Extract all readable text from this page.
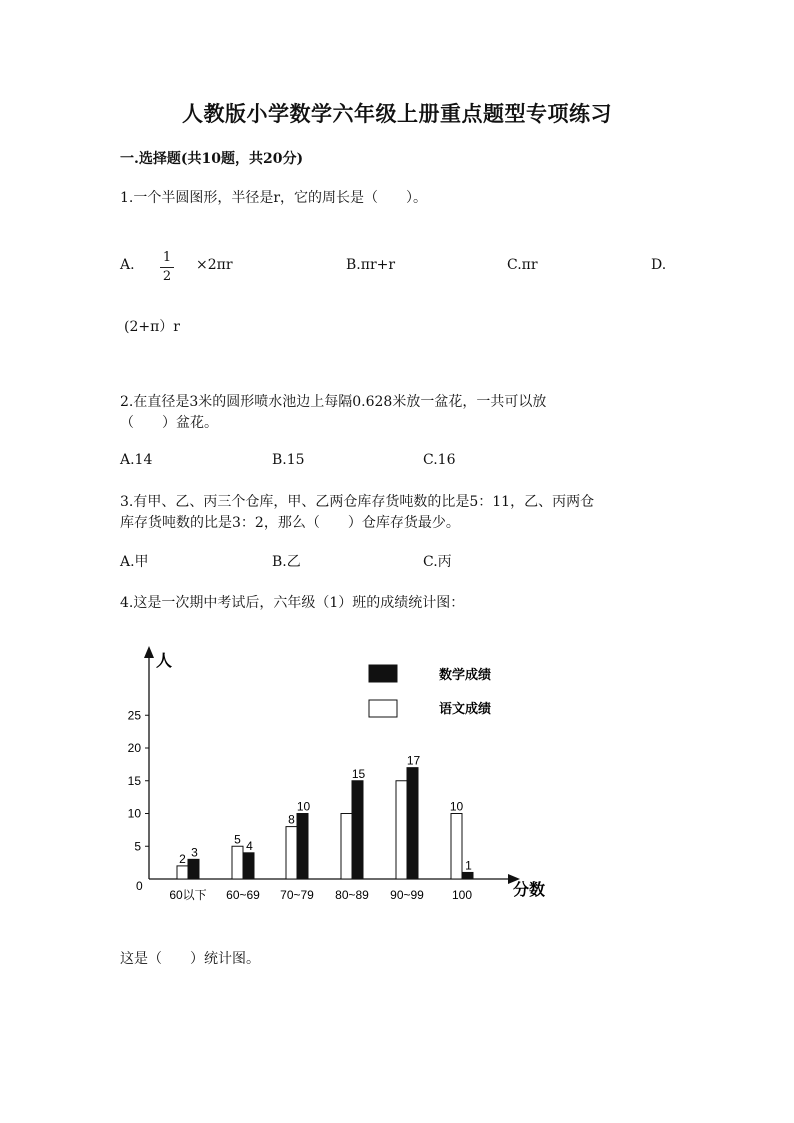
人教版小学数学六年级上册重点题型专项练习
一.选择题(共10题，共20分)
1.一个半圆图形，半径是r，它的周长是（　　）。
A. 1
2
×2πr	B.πr+r	C.πr	D.
(2+π）r
2.在直径是3米的圆形喷水池边上每隔0.628米放一盆花，一共可以放
（　　）盆花。
A.14	B.15	C.16
3.有甲、乙、丙三个仓库，甲、乙两仓库存货吨数的比是5：11，乙、丙两仓
库存货吨数的比是3：2，那么（　　）仓库存货最少。
A.甲	B.乙	C.丙
4.这是一次期中考试后，六年级（1）班的成绩统计图：
人
分数
0
5
10
15
20
25
2 3
60以下
5 4
60~69
8
10
70~79
15
80~89
17
90~99
10
1
100
数学成绩
语文成绩
这是（　　）统计图。
